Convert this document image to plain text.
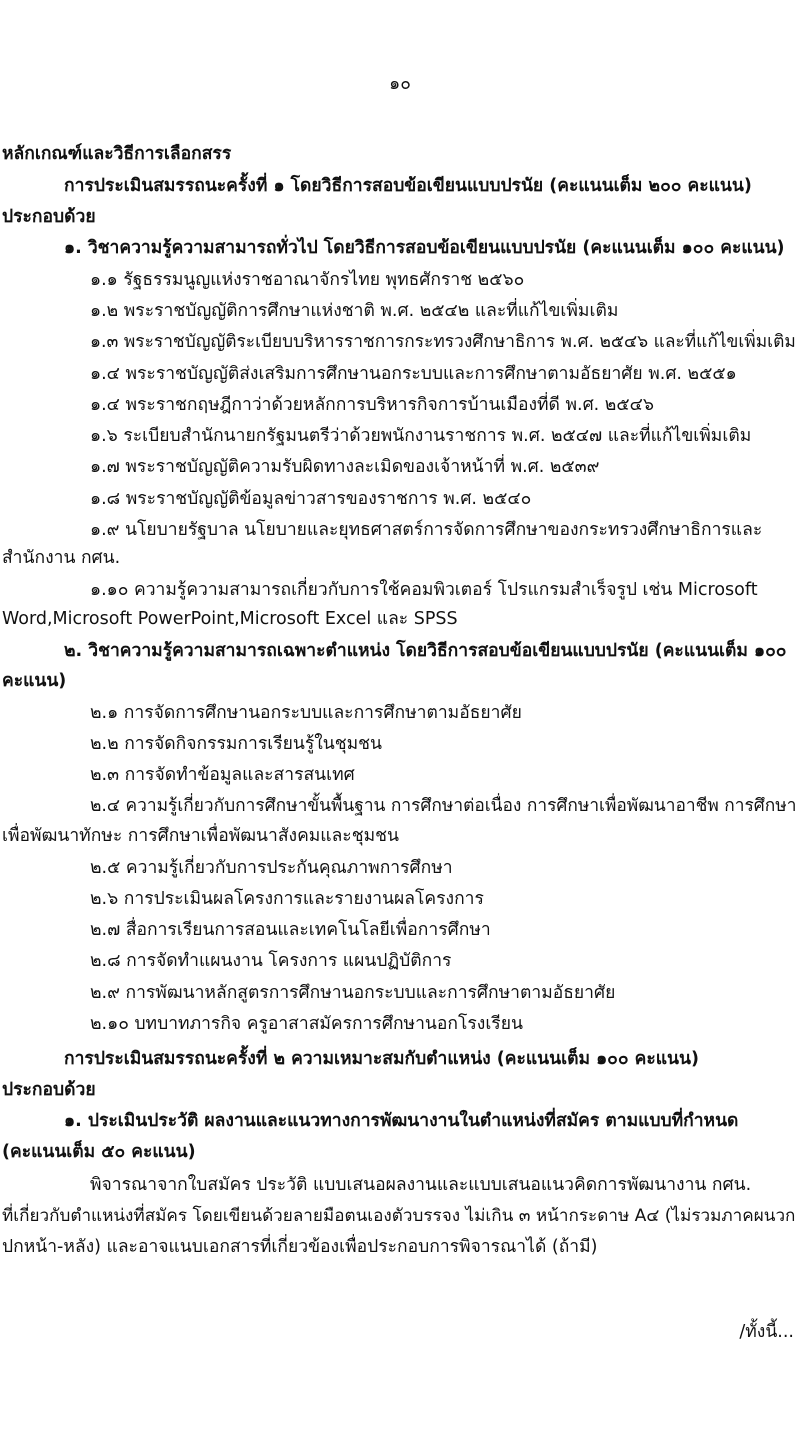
๑๐
หลักเกณฑ์และวิธีการเลือกสรร
การประเมินสมรรถนะครั้งที่ ๑ โดยวิธีการสอบข้อเขียนแบบปรนัย (คะแนนเต็ม ๒๐๐ คะแนน)
ประกอบด้วย
๑. วิชาความรู้ความสามารถทั่วไป โดยวิธีการสอบข้อเขียนแบบปรนัย (คะแนนเต็ม ๑๐๐ คะแนน)
๑.๑ รัฐธรรมนูญแห่งราชอาณาจักรไทย พุทธศักราช ๒๕๖๐
๑.๒ พระราชบัญญัติการศึกษาแห่งชาติ พ.ศ. ๒๕๔๒ และที่แก้ไขเพิ่มเติม
๑.๓ พระราชบัญญัติระเบียบบริหารราชการกระทรวงศึกษาธิการ พ.ศ. ๒๕๔๖ และที่แก้ไขเพิ่มเติม
๑.๔ พระราชบัญญัติส่งเสริมการศึกษานอกระบบและการศึกษาตามอัธยาศัย พ.ศ. ๒๕๕๑
๑.๔ พระราชกฤษฎีกาว่าด้วยหลักการบริหารกิจการบ้านเมืองที่ดี พ.ศ. ๒๕๔๖
๑.๖ ระเบียบสำนักนายกรัฐมนตรีว่าด้วยพนักงานราชการ พ.ศ. ๒๕๔๗ และที่แก้ไขเพิ่มเติม
๑.๗ พระราชบัญญัติความรับผิดทางละเมิดของเจ้าหน้าที่ พ.ศ. ๒๕๓๙
๑.๘ พระราชบัญญัติข้อมูลข่าวสารของราชการ พ.ศ. ๒๕๔๐
๑.๙ นโยบายรัฐบาล นโยบายและยุทธศาสตร์การจัดการศึกษาของกระทรวงศึกษาธิการและ
สำนักงาน กศน.
๑.๑๐ ความรู้ความสามารถเกี่ยวกับการใช้คอมพิวเตอร์ โปรแกรมสำเร็จรูป เช่น Microsoft
Word,Microsoft PowerPoint,Microsoft Excel และ SPSS
๒. วิชาความรู้ความสามารถเฉพาะตำแหน่ง โดยวิธีการสอบข้อเขียนแบบปรนัย (คะแนนเต็ม ๑๐๐
คะแนน)
๒.๑ การจัดการศึกษานอกระบบและการศึกษาตามอัธยาศัย
๒.๒ การจัดกิจกรรมการเรียนรู้ในชุมชน
๒.๓ การจัดทำข้อมูลและสารสนเทศ
๒.๔ ความรู้เกี่ยวกับการศึกษาขั้นพื้นฐาน การศึกษาต่อเนื่อง การศึกษาเพื่อพัฒนาอาชีพ การศึกษา
เพื่อพัฒนาทักษะ การศึกษาเพื่อพัฒนาสังคมและชุมชน
๒.๕ ความรู้เกี่ยวกับการประกันคุณภาพการศึกษา
๒.๖ การประเมินผลโครงการและรายงานผลโครงการ
๒.๗ สื่อการเรียนการสอนและเทคโนโลยีเพื่อการศึกษา
๒.๘ การจัดทำแผนงาน โครงการ แผนปฏิบัติการ
๒.๙ การพัฒนาหลักสูตรการศึกษานอกระบบและการศึกษาตามอัธยาศัย
๒.๑๐ บทบาทภารกิจ ครูอาสาสมัครการศึกษานอกโรงเรียน
การประเมินสมรรถนะครั้งที่ ๒ ความเหมาะสมกับตำแหน่ง (คะแนนเต็ม ๑๐๐ คะแนน)
ประกอบด้วย
๑. ประเมินประวัติ ผลงานและแนวทางการพัฒนางานในตำแหน่งที่สมัคร ตามแบบที่กำหนด
(คะแนนเต็ม ๕๐ คะแนน)
พิจารณาจากใบสมัคร ประวัติ แบบเสนอผลงานและแบบเสนอแนวคิดการพัฒนางาน กศน.
ที่เกี่ยวกับตำแหน่งที่สมัคร โดยเขียนด้วยลายมือตนเองตัวบรรจง ไม่เกิน ๓ หน้ากระดาษ A๔ (ไม่รวมภาคผนวก
ปกหน้า-หลัง) และอาจแนบเอกสารที่เกี่ยวข้องเพื่อประกอบการพิจารณาได้ (ถ้ามี)
/ทั้งนี้...
